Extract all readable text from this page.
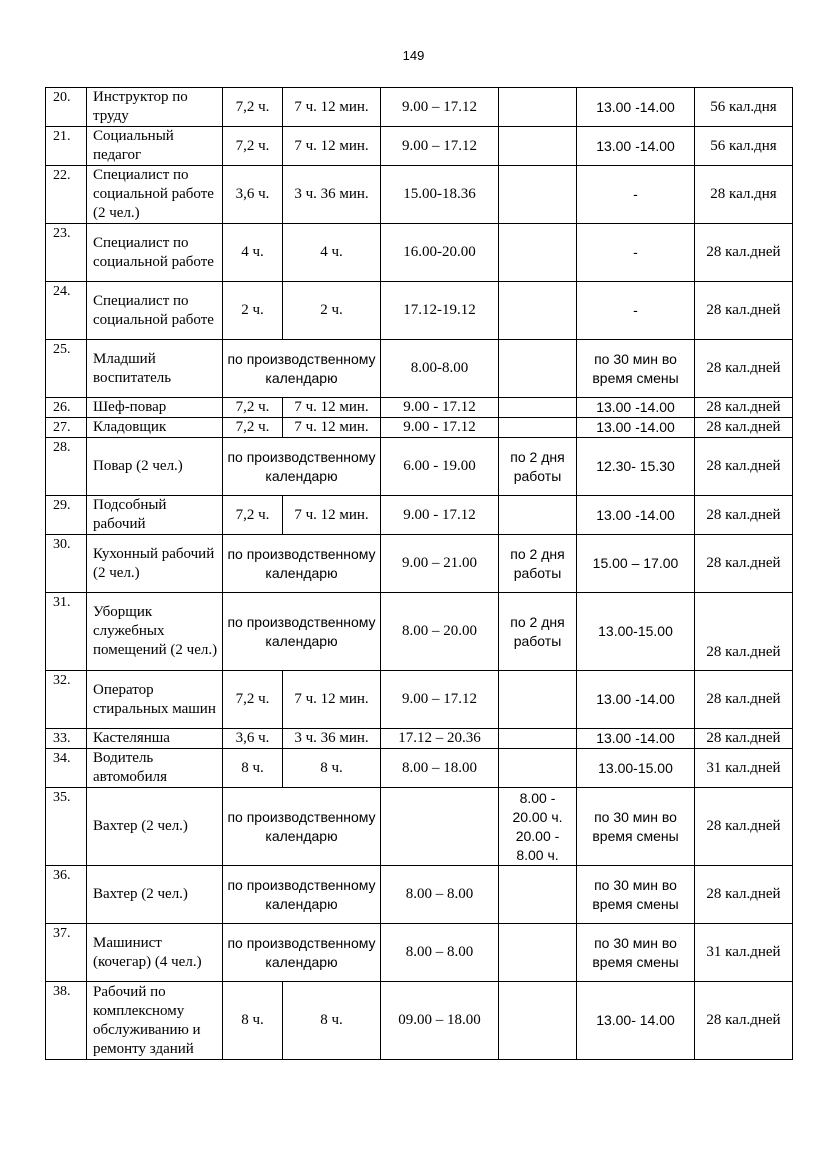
149
20.	Инструктор по труду	7,2 ч.	7 ч. 12 мин.	9.00 – 17.12		13.00 -14.00	56 кал.дня
21.	Социальный педагог	7,2 ч.	7 ч. 12 мин.	9.00 – 17.12		13.00 -14.00	56 кал.дня
22.	Специалист по социальной работе (2 чел.)	3,6 ч.	3 ч. 36 мин.	15.00-18.36		-	28 кал.дня
23.	Специалист по социальной работе	4 ч.	4 ч.	16.00-20.00		-	28 кал.дней
24.	Специалист по социальной работе	2 ч.	2 ч.	17.12-19.12		-	28 кал.дней
25.	Младший воспитатель	по производственному календарю		8.00-8.00		по 30 мин во время смены	28 кал.дней
26.	Шеф-повар	7,2 ч.	7 ч. 12 мин.	9.00 - 17.12		13.00 -14.00	28 кал.дней
27.	Кладовщик	7,2 ч.	7 ч. 12 мин.	9.00 - 17.12		13.00 -14.00	28 кал.дней
28.	Повар (2 чел.)	по производственному календарю		6.00 - 19.00	по 2 дня работы	12.30- 15.30	28 кал.дней
29.	Подсобный рабочий	7,2 ч.	7 ч. 12 мин.	9.00 - 17.12		13.00 -14.00	28 кал.дней
30.	Кухонный рабочий (2 чел.)	по производственному календарю		9.00 – 21.00	по 2 дня работы	15.00 – 17.00	28 кал.дней
31.	Уборщик служебных помещений (2 чел.)	по производственному календарю		8.00 – 20.00	по 2 дня работы	13.00-15.00	28 кал.дней
32.	Оператор стиральных машин	7,2 ч.	7 ч. 12 мин.	9.00 – 17.12		13.00 -14.00	28 кал.дней
33.	Кастелянша	3,6 ч.	3 ч. 36 мин.	17.12 – 20.36		13.00 -14.00	28 кал.дней
34.	Водитель автомобиля	8 ч.	8 ч.	8.00 – 18.00		13.00-15.00	31 кал.дней
35.	Вахтер (2 чел.)	по производственному календарю			8.00 - 20.00 ч. 20.00 - 8.00 ч.	по 30 мин во время смены	28 кал.дней
36.	Вахтер (2 чел.)	по производственному календарю		8.00 – 8.00		по 30 мин во время смены	28 кал.дней
37.	Машинист (кочегар) (4 чел.)	по производственному календарю		8.00 – 8.00		по 30 мин во время смены	31 кал.дней
38.	Рабочий по комплексному обслуживанию и ремонту зданий	8 ч.	8 ч.	09.00 – 18.00		13.00- 14.00	28 кал.дней
